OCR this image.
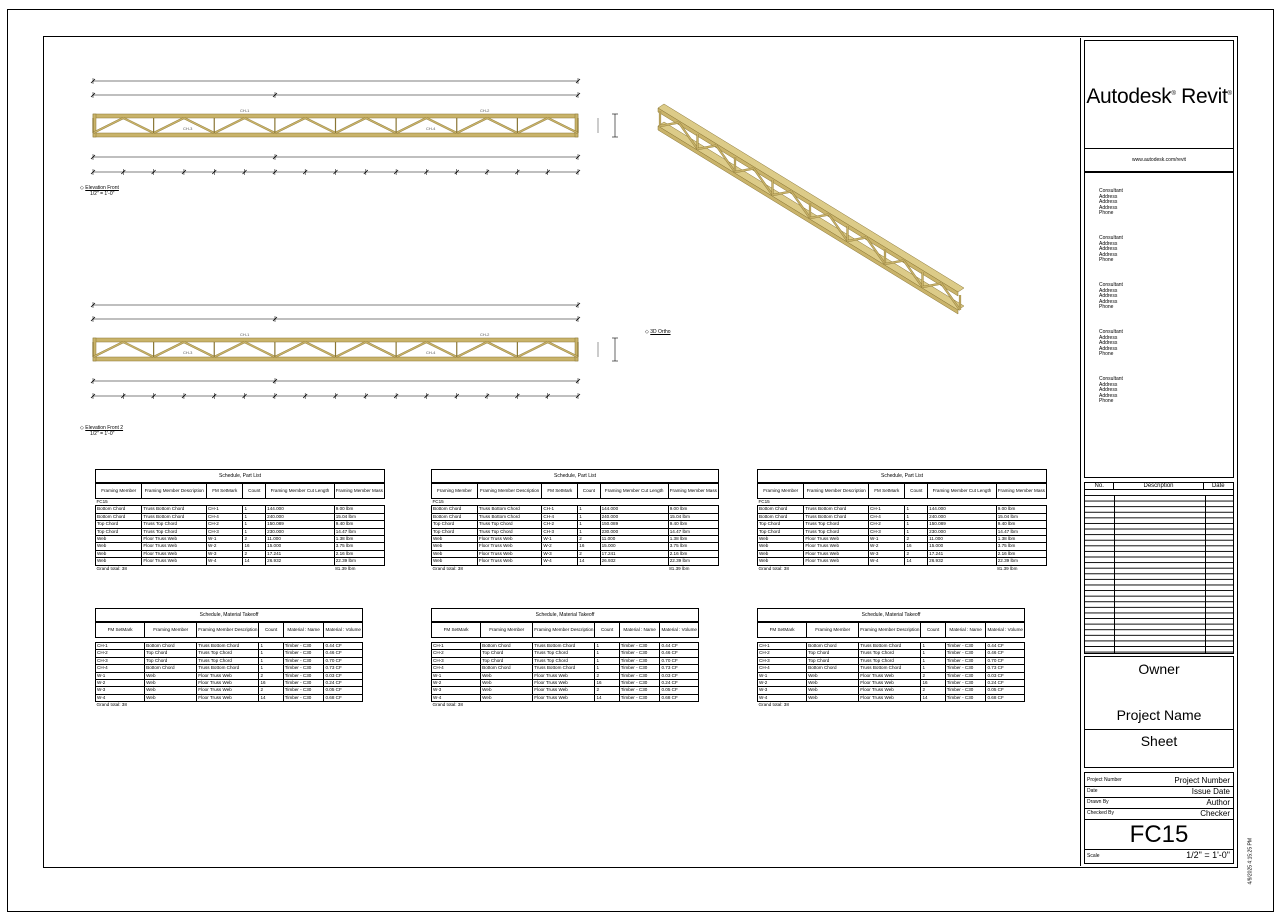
CH-1	CH-2
CH-3	CH-4
CH-1	CH-2
CH-3	CH-4
◇ Elevation Front
1/2" = 1'-0"
◇ Elevation Front 2
1/2" = 1'-0"
◇ 3D Ortho
Schedule, Part List
Framing Member	Framing Member Description	FM SetMark	Count	Framing Member Cut Length	Framing Member Mass
FC15					
Bottom Chord	Truss Bottom Chord	CH-1	1	144.000	9.00 lbm
Bottom Chord	Truss Bottom Chord	CH-4	1	240.000	15.04 lbm
Top Chord	Truss Top Chord	CH-2	1	150.089	9.40 lbm
Top Chord	Truss Top Chord	CH-3	1	230.000	14.47 lbm
Web	Floor Truss Web	W-1	2	11.000	1.38 lbm
Web	Floor Truss Web	W-2	16	15.000	3.75 lbm
Web	Floor Truss Web	W-3	2	17.241	2.16 lbm
Web	Floor Truss Web	W-4	14	26.932	22.39 lbm
Grand total: 38					81.39 lbm
Schedule, Part List
Framing Member	Framing Member Description	FM SetMark	Count	Framing Member Cut Length	Framing Member Mass
FC15					
Bottom Chord	Truss Bottom Chord	CH-1	1	144.000	9.00 lbm
Bottom Chord	Truss Bottom Chord	CH-4	1	240.000	15.04 lbm
Top Chord	Truss Top Chord	CH-2	1	150.089	9.40 lbm
Top Chord	Truss Top Chord	CH-3	1	230.000	14.47 lbm
Web	Floor Truss Web	W-1	2	11.000	1.38 lbm
Web	Floor Truss Web	W-2	16	15.000	3.75 lbm
Web	Floor Truss Web	W-3	2	17.241	2.16 lbm
Web	Floor Truss Web	W-4	14	26.932	22.39 lbm
Grand total: 38					81.39 lbm
Schedule, Part List
Framing Member	Framing Member Description	FM SetMark	Count	Framing Member Cut Length	Framing Member Mass
FC15					
Bottom Chord	Truss Bottom Chord	CH-1	1	144.000	9.00 lbm
Bottom Chord	Truss Bottom Chord	CH-4	1	240.000	15.04 lbm
Top Chord	Truss Top Chord	CH-2	1	150.089	9.40 lbm
Top Chord	Truss Top Chord	CH-3	1	230.000	14.47 lbm
Web	Floor Truss Web	W-1	2	11.000	1.38 lbm
Web	Floor Truss Web	W-2	16	15.000	3.75 lbm
Web	Floor Truss Web	W-3	2	17.241	2.16 lbm
Web	Floor Truss Web	W-4	14	26.932	22.39 lbm
Grand total: 38					81.39 lbm
Schedule, Material Takeoff
FM SetMark	Framing Member	Framing Member Description	Count	Material : Name	Material : Volume

CH-1	Bottom Chord	Truss Bottom Chord	1	Timber - C30	0.44 CF
CH-2	Top Chord	Truss Top Chord	1	Timber - C30	0.46 CF
CH-3	Top Chord	Truss Top Chord	1	Timber - C30	0.70 CF
CH-4	Bottom Chord	Truss Bottom Chord	1	Timber - C30	0.73 CF
W-1	Web	Floor Truss Web	2	Timber - C30	0.03 CF
W-2	Web	Floor Truss Web	16	Timber - C30	0.24 CF
W-3	Web	Floor Truss Web	2	Timber - C30	0.05 CF
W-4	Web	Floor Truss Web	14	Timber - C30	0.68 CF
Grand total: 38					
Schedule, Material Takeoff
FM SetMark	Framing Member	Framing Member Description	Count	Material : Name	Material : Volume

CH-1	Bottom Chord	Truss Bottom Chord	1	Timber - C30	0.44 CF
CH-2	Top Chord	Truss Top Chord	1	Timber - C30	0.46 CF
CH-3	Top Chord	Truss Top Chord	1	Timber - C30	0.70 CF
CH-4	Bottom Chord	Truss Bottom Chord	1	Timber - C30	0.73 CF
W-1	Web	Floor Truss Web	2	Timber - C30	0.03 CF
W-2	Web	Floor Truss Web	16	Timber - C30	0.24 CF
W-3	Web	Floor Truss Web	2	Timber - C30	0.05 CF
W-4	Web	Floor Truss Web	14	Timber - C30	0.68 CF
Grand total: 38					
Schedule, Material Takeoff
FM SetMark	Framing Member	Framing Member Description	Count	Material : Name	Material : Volume

CH-1	Bottom Chord	Truss Bottom Chord	1	Timber - C30	0.44 CF
CH-2	Top Chord	Truss Top Chord	1	Timber - C30	0.46 CF
CH-3	Top Chord	Truss Top Chord	1	Timber - C30	0.70 CF
CH-4	Bottom Chord	Truss Bottom Chord	1	Timber - C30	0.73 CF
W-1	Web	Floor Truss Web	2	Timber - C30	0.03 CF
W-2	Web	Floor Truss Web	16	Timber - C30	0.24 CF
W-3	Web	Floor Truss Web	2	Timber - C30	0.05 CF
W-4	Web	Floor Truss Web	14	Timber - C30	0.68 CF
Grand total: 38					
Autodesk® Revit®
www.autodesk.com/revit
Consultant
Address
Address
Address
Phone
Consultant
Address
Address
Address
Phone
Consultant
Address
Address
Address
Phone
Consultant
Address
Address
Address
Phone
Consultant
Address
Address
Address
Phone
No.	Description	Date
Owner
Project Name
Sheet
Project Number	Project Number
Date	Issue Date
Drawn By	Author
Checked By	Checker
FC15
Scale	1/2" = 1'-0"	4/9/2025 4:15:25 PM
